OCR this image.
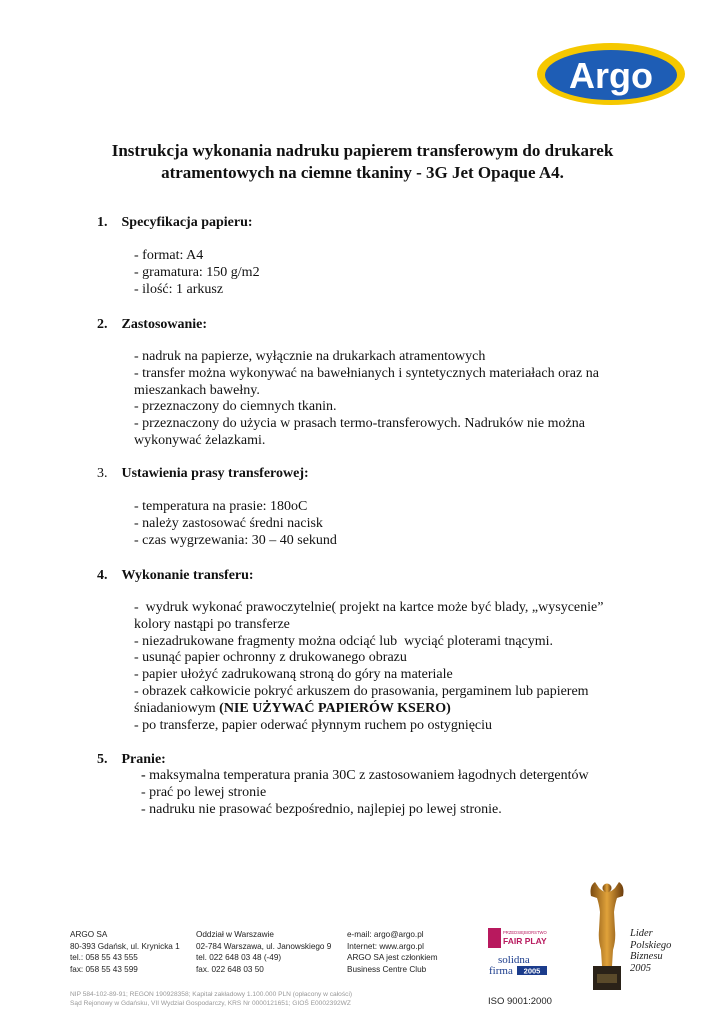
Argo
Instrukcja wykonania nadruku papierem transferowym do drukarek
atramentowych na ciemne tkaniny - 3G Jet Opaque A4.
1. Specyfikacja papieru:
- format: A4
- gramatura: 150 g/m2
- ilość: 1 arkusz
2. Zastosowanie:
- nadruk na papierze, wyłącznie na drukarkach atramentowych
- transfer można wykonywać na bawełnianych i syntetycznych materiałach oraz na
mieszankach bawełny.
- przeznaczony do ciemnych tkanin.
- przeznaczony do użycia w prasach termo-transferowych. Nadruków nie można
wykonywać żelazkami.
3. Ustawienia prasy transferowej:
- temperatura na prasie: 180oC
- należy zastosować średni nacisk
- czas wygrzewania: 30 – 40 sekund
4. Wykonanie transferu:
-  wydruk wykonać prawoczytelnie( projekt na kartce może być blady, „wysycenie”
kolory nastąpi po transferze
- niezadrukowane fragmenty można odciąć lub  wyciąć ploterami tnącymi.
- usunąć papier ochronny z drukowanego obrazu
- papier ułożyć zadrukowaną stroną do góry na materiale
- obrazek całkowicie pokryć arkuszem do prasowania, pergaminem lub papierem
śniadaniowym (NIE UŻYWAĆ PAPIERÓW KSERO)
- po transferze, papier oderwać płynnym ruchem po ostygnięciu
5. Pranie:
- maksymalna temperatura prania 30C z zastosowaniem łagodnych detergentów
- prać po lewej stronie
- nadruku nie prasować bezpośrednio, najlepiej po lewej stronie.
ARGO SA
80-393 Gdańsk, ul. Krynicka 1
tel.: 058 55 43 555
fax: 058 55 43 599
Oddział w Warszawie
02-784 Warszawa, ul. Janowskiego 9
tel. 022 648 03 48 (-49)
fax. 022 648 03 50
e-mail: argo@argo.pl
Internet: www.argo.pl
ARGO SA jest członkiem
Business Centre Club
NIP 584-102-89-91; REGON 190928358; Kapitał zakładowy 1.100.000 PLN (opłacony w całości)
Sąd Rejonowy w Gdańsku, VII Wydział Gospodarczy, KRS Nr 0000121651; GIOŚ E0002392WZ
PRZEDSIĘBIORSTWO
FAIR PLAY
solidna
firma 2005
ISO 9001:2000
Lider
Polskiego
Biznesu
2005
